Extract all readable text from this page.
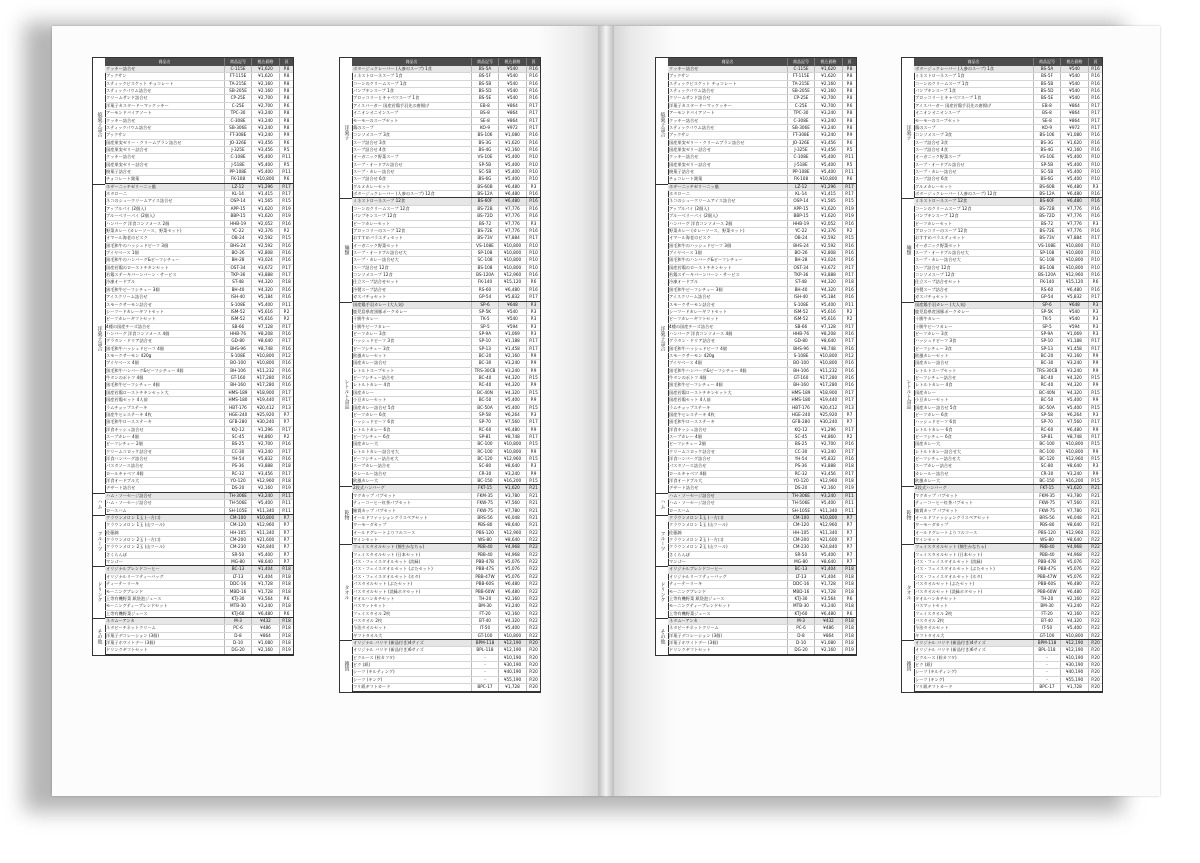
焼菓子詰合
洋菓子詰合
ハム
フルーツ
ドリンク
その他
商品名	商品記号	税込価格	頁
クッキー詰合せ	C-115E	¥1,620	P.8
ブックサン	FT-115E	¥1,620	P.8
スティックピスケット チョコレート	TA-215E	¥2,160	P.8
スティックパウム詰合せ	SB-205E	¥2,160	P.8
クリームサンド詰合せ	CP-25E	¥2,700	P.8
洋菓子カスタードーマックッキー	C-25E	¥2,700	P.6
アーモンドバイアソート	TPC-30	¥3,240	P.8
クッキー詰合せ	C-308E	¥3,240	P.8
スティックパウム詰合せ	SB-306E	¥3,240	P.8
ブックサン	FT-308E	¥3,240	P.9
国産果実ゼリー・クリームブラン詰合せ	JO-326E	¥3,456	P.6
国産果実ゼリー詰合せ	J-325E	¥3,456	P.5
クッキー詰合せ	C-108E	¥5,400	P.11
国産果実ゼリー詰合せ	J-518E	¥5,400	P.5
焼菓子詰合せ	PP-108E	¥5,400	P.11
チョコレート銘菓	FK-108	¥10,800	P.6
ホザーニッチゼリーニッ風	LZ-12	¥1,296	P.17
ホタローニ	KL-14	¥1,415	P.17
ネコのシュークリームアイス詰合せ	OSP-14	¥1,565	P.15
アップルパイ (2個入)	APP-15	¥1,620	P.19
ブルーベリーパイ (2個入)	BBP-15	¥1,620	P.19
ハンバーグ 洋食コンソメース 2個	HHB-19	¥2,052	P.16
野菜カレー (カレーソース、野菜セット)	YC-22	¥2,376	P.2
オマール海老のビスク	OB-24	¥2,592	P.15
黒毛和牛のハッシュドビーフ 3個	BHS-24	¥2,592	P.16
ブイヤベース 1個	BO-26	¥2,808	P.16
黒毛和牛のハンバーグ&ビーフシチュー	BH-28	¥3,024	P.16
国産若鶏のローストチキンセット	OST-34	¥3,672	P.17
若鶏ステーキバーンバーン・サービス	TKP-36	¥3,888	P.17
冷凍オードブル	ST-48	¥4,320	P.18
黒毛和牛ビーフシチュー 3個	BH-40	¥4,320	P.16
アイスクリーム詰合せ	ISH-40	¥5,184	P.16
スモークサーモン詰合せ	S-108E	¥5,400	P.11
シーフードカレーギフトセット	ISM-52	¥5,616	P.2
ビーフカレーギフトセット	ISM-52	¥5,616	P.2
4種の国産チーズ詰合せ	SB-66	¥7,128	P.17
ハンバーグ 洋食コンソメース 4個	HHB-76	¥8,208	P.16
グラタン・ドリア詰合せ	GD-80	¥8,640	P.17
黒毛和牛ハッシュドビーフ 4個	BHS-96	¥8,748	P.16
スモークサーモン 420g	S-108E	¥10,800	P.12
ブイヤベース 4個	BO-100	¥10,800	P.16
黒毛和牛ハンバーグ&ビーフシチュー 4個	BH-106	¥11,232	P.16
牛タンのポトフ 4個	GT-160	¥17,280	P.16
黒毛和牛ビーフシチュー 4個	BH-160	¥17,280	P.16
国産若鶏ローストチキンセット大	HMS-189	¥18,900	P.17
国産若鶏セット 4人前	HMS-180	¥19,440	P.17
ラムチョップステーキ	HBT-176	¥20,412	P.13
国産牛ヒレステーキ 4枚	HGE-240	¥25,920	P.7
黒毛和牛ロースステーキ	GFB-280	¥30,240	P.7
洋食キッシュ詰合せ	KQ-12	¥1,296	P.17
スープカレー 4個	SC-45	¥4,860	P.2
ビーフシチュー 2個	BS-25	¥2,700	P.16
クリームコロッケ詰合せ	CC-30	¥3,240	P.17
洋食ハンバーグ詰合せ	YH-54	¥5,832	P.16
パスタソース詰合せ	PS-36	¥3,888	P.18
ロールキャベツ 4個	RC-32	¥3,456	P.17
洋食オードブル大	YO-120	¥12,960	P.18
デザート詰合せ	DS-20	¥2,160	P.19
ハム・ソーセージ詰合せ	TH-306E	¥3,240	P.11
ハム・ソーセージ詰合せ	TH-506E	¥5,400	P.11
ロースハム	SH-105E	¥11,340	P.11
クラウンメロン 1玉 (一方口)	CM-100	¥10,800	P.7
クラウンメロン 1玉 (山ツール)	CM-120	¥12,960	P.7
佐藤錦	HH-105	¥11,340	P.7
クラウンメロン 2玉 (一方口)	CM-200	¥21,600	P.7
クラウンメロン 2玉 (山ツール)	CM-230	¥24,840	P.7
さくらんぼ	SR-50	¥5,400	P.7
マンゴー	MG-80	¥8,640	P.7
オリジナルブレンドコーヒー	BC-13	¥1,404	P.18
オリジナルリーフティーバッグ	LT-13	¥1,404	P.18
ティーテーリーキ	DDC-16	¥1,728	P.18
モーニングブレンド	MBD-16	¥1,728	P.18
上等有機野菜 紙袋泡ジュース	KTJ-30	¥3,564	P.6
モーニングティーブレンドセット	MTB-30	¥3,240	P.18
上等有機野菜ジュース	KTJ-60	¥6,480	P.6
ネタムーアンカ	M-3	¥432	P.18
ネタビーチネットクリーム	PC-6	¥486	P.18
洋菓子デコレーション (3個)	D-8	¥864	P.18
洋菓子ホワイトデー (3個)	D-10	¥1,080	P.18
ドリンクギフトセット	DG-20	¥2,160	P.19
洋菓子
麺類
レトルト食品
乾物
タオル
雑貨
商品名	商品記号	税込価格	頁
ボタージュクレーバー (人参のスープ) 1食	BS-5A	¥540	P.16
ミネストローネスープ 1食	BS-5F	¥540	P.16
コーンのクリームスープ 1食	BS-5B	¥540	P.16
パンプキンスープ 1食	BS-5D	¥540	P.16
ブロッコリーとキャベツスープ 1食	BS-5E	¥540	P.16
アイスバーガー 国産若鶏手羽先の唐揚げ	EB-8	¥864	P.17
オニオンオニオンスープ	BS-8	¥864	P.17
モーモーのスープセット	SE-8	¥864	P.17
鶏のスープ	KO-9	¥972	P.17
コンソメスープ 3食	BS-106	¥1,080	P.16
スープ詰合せ 3食	BS-3G	¥1,620	P.16
スープ詰合せ 4食	BS-4G	¥2,160	P.16
オーガニック野菜スープ	VS-10E	¥5,400	P.10
スープ・オードブル詰合せ	SP-5B	¥5,400	P.10
スープ・カレー詰合せ	SC-5B	¥5,400	P.10
スープ詰合せ 6食	BS-6G	¥5,400	P.10
グルメカレーセット	BS-60B	¥6,480	P.3
ボタージュクレーバー (人参のスープ) 12食	BS-12A	¥6,480	P.16
ミネストローネスープ 12食	BS-60F	¥6,480	P.16
コーンのクリームスープ 12食	BS-72B	¥7,776	P.16
パンプキンスープ 12食	BS-72D	¥7,776	P.16
ビーフカレーセット	BS-72	¥7,776	P.3
ブロッコリーのスープ 12食	BS-72E	¥7,776	P.16
おすすめバラエティセット	BS-73V	¥7,884	P.17
オーガニック野菜セット	VS-108E	¥10,800	P.10
スープ・オードブル詰合せ大	SP-108	¥10,800	P.10
スープ・カレー詰合せ大	SC-108	¥10,800	P.10
スープ詰合せ 12食	BS-108	¥10,800	P.10
コンソメスープ 12食	BS-120A	¥12,960	P.16
仕立スープ詰合せセット	FK-140	¥15,120	P.6
冷製スープ詰合せ	RS-60	¥6,480	P.16
ガスパチョセット	GP-54	¥5,832	P.17
国産鶏手羽カレー (大人気)	SP-6	¥648	P.3
鹿児島県産黒豚ポークカレー	SP-5K	¥540	P.3
十勝牛カレー	TK-5	¥540	P.3
十勝牛ビーフカレー	SP-5	¥594	P.3
ビーフカレー 3食	SP-9A	¥1,069	P.3
ハッシュドビーフ 3食	SP-10	¥1,188	P.17
ビーフシチュー 3食	SP-13	¥1,458	P.17
欧風カレーセット	BC-20	¥2,160	P.9
国産カレー詰合せ	BC-30	¥3,240	P.9
レトルトスープセット	TRS-30CB	¥3,240	P.9
ビーフシチュー詰合せ	BC-40	¥4,320	P.15
レトルトカレー 4食	RC-40	¥4,320	P.9
国産カレー	BC-40N	¥4,320	P.15
小豆カレーセット	BC-50	¥5,400	P.9
国産カレー詰合せ 5食	BC-50A	¥5,400	P.15
ビーフカレー 6食	SP-58	¥6,264	P.3
ハッシュドビーフ 6食	SP-70	¥7,560	P.17
レトルトカレー 6食	RC-60	¥6,480	P.9
ビーフシチュー 6食	SP-81	¥8,748	P.17
国産カレー大	BC-100	¥10,800	P.15
レトルトカレー詰合せ大	RC-100	¥10,800	P.9
ビーフシチュー詰合せ大	BC-120	¥12,960	P.15
スープカレー詰合せ	SC-80	¥8,640	P.3
カレールー詰合せ	CR-30	¥3,240	P.9
欧風カレー大	BC-150	¥16,200	P.15
2段式ハンバーグ	FKT-15	¥1,620	P.21
マグカップ パブセット	FKM-35	¥3,780	P.21
ティーコーヒー紅茶パブセット	FKW-75	¥7,560	P.21
雑貨カップ パブセット	FKW-75	¥7,780	P.21
オールドファッショングラスペアセット	BRS-56	¥6,048	P.21
ワーモーダカップ	PBS-80	¥8,640	P.21
オールドグレートよりフルコース	PBS-120	¥12,960	P.22
ワインセット	WS-80	¥8,640	P.22
フェイスタオルセット (綿生かなちゃ)	PBB-40	¥4,968	P.22
フェイスタオルセット (日本セット)	PBB-40	¥4,968	P.22
パス・フェイスタオルセット (淡緑)	PBB-47B	¥5,076	P.22
パス・フェイスタオルセット (ぶたセット)	PBB-47S	¥5,076	P.22
パス・フェイスタオルセット (ホタ)	PBB-47W	¥5,076	P.22
パスタオルセット (ぶたセット)	PBB-60S	¥6,480	P.22
パスタオルセット (淡緑ホタセット)	PBB-60W	¥6,480	P.22
タオルハンカチセット	TH-20	¥2,160	P.22
バスマットセット	BM-30	¥3,240	P.22
フェイスタオル 2枚	FT-20	¥2,160	P.22
バスタオル 2枚	BT-40	¥4,320	P.22
今治タオルセット	IT-50	¥5,400	P.22
ギフトタオル大	GT-100	¥10,800	P.22
オリジナル バリヤ (新品付き)4サイズ	BPM-118	¥12,190	P.20
オリジナル バリヤ (新品付き)6サイズ	BPL-118	¥12,190	P.20
ピクルース (粒カフタ)	-	¥10,190	P.20
ビク (紙)	-	¥30,190	P.20
シーツ (キルティング)	-	¥40,190	P.20
シーツ (キング)	-	¥55,190	P.20
フリ紙ギフトカード	BPC-17	¥1,728	P.20
焼菓子詰合
洋菓子詰合
ハム
フルーツ
ドリンク
その他
商品名	商品記号	税込価格	頁
クッキー詰合せ	C-115E	¥1,620	P.8
ブックサン	FT-115E	¥1,620	P.8
スティックピスケット チョコレート	TA-215E	¥2,160	P.8
スティックパウム詰合せ	SB-205E	¥2,160	P.8
クリームサンド詰合せ	CP-25E	¥2,700	P.8
洋菓子カスタードーマックッキー	C-25E	¥2,700	P.6
アーモンドバイアソート	TPC-30	¥3,240	P.8
クッキー詰合せ	C-308E	¥3,240	P.8
スティックパウム詰合せ	SB-306E	¥3,240	P.8
ブックサン	FT-308E	¥3,240	P.9
国産果実ゼリー・クリームブラン詰合せ	JO-326E	¥3,456	P.6
国産果実ゼリー詰合せ	J-325E	¥3,456	P.5
クッキー詰合せ	C-108E	¥5,400	P.11
国産果実ゼリー詰合せ	J-518E	¥5,400	P.5
焼菓子詰合せ	PP-108E	¥5,400	P.11
チョコレート銘菓	FK-108	¥10,800	P.6
ホザーニッチゼリーニッ風	LZ-12	¥1,296	P.17
ホタローニ	KL-14	¥1,415	P.17
ネコのシュークリームアイス詰合せ	OSP-14	¥1,565	P.15
アップルパイ (2個入)	APP-15	¥1,620	P.19
ブルーベリーパイ (2個入)	BBP-15	¥1,620	P.19
ハンバーグ 洋食コンソメース 2個	HHB-19	¥2,052	P.16
野菜カレー (カレーソース、野菜セット)	YC-22	¥2,376	P.2
オマール海老のビスク	OB-24	¥2,592	P.15
黒毛和牛のハッシュドビーフ 3個	BHS-24	¥2,592	P.16
ブイヤベース 1個	BO-26	¥2,808	P.16
黒毛和牛のハンバーグ&ビーフシチュー	BH-28	¥3,024	P.16
国産若鶏のローストチキンセット	OST-34	¥3,672	P.17
若鶏ステーキバーンバーン・サービス	TKP-36	¥3,888	P.17
冷凍オードブル	ST-48	¥4,320	P.18
黒毛和牛ビーフシチュー 3個	BH-40	¥4,320	P.16
アイスクリーム詰合せ	ISH-40	¥5,184	P.16
スモークサーモン詰合せ	S-108E	¥5,400	P.11
シーフードカレーギフトセット	ISM-52	¥5,616	P.2
ビーフカレーギフトセット	ISM-52	¥5,616	P.2
4種の国産チーズ詰合せ	SB-66	¥7,128	P.17
ハンバーグ 洋食コンソメース 4個	HHB-76	¥8,208	P.16
グラタン・ドリア詰合せ	GD-80	¥8,640	P.17
黒毛和牛ハッシュドビーフ 4個	BHS-96	¥8,748	P.16
スモークサーモン 420g	S-108E	¥10,800	P.12
ブイヤベース 4個	BO-100	¥10,800	P.16
黒毛和牛ハンバーグ&ビーフシチュー 4個	BH-106	¥11,232	P.16
牛タンのポトフ 4個	GT-160	¥17,280	P.16
黒毛和牛ビーフシチュー 4個	BH-160	¥17,280	P.16
国産若鶏ローストチキンセット大	HMS-189	¥18,900	P.17
国産若鶏セット 4人前	HMS-180	¥19,440	P.17
ラムチョップステーキ	HBT-176	¥20,412	P.13
国産牛ヒレステーキ 4枚	HGE-240	¥25,920	P.7
黒毛和牛ロースステーキ	GFB-280	¥30,240	P.7
洋食キッシュ詰合せ	KQ-12	¥1,296	P.17
スープカレー 4個	SC-45	¥4,860	P.2
ビーフシチュー 2個	BS-25	¥2,700	P.16
クリームコロッケ詰合せ	CC-30	¥3,240	P.17
洋食ハンバーグ詰合せ	YH-54	¥5,832	P.16
パスタソース詰合せ	PS-36	¥3,888	P.18
ロールキャベツ 4個	RC-32	¥3,456	P.17
洋食オードブル大	YO-120	¥12,960	P.18
デザート詰合せ	DS-20	¥2,160	P.19
ハム・ソーセージ詰合せ	TH-306E	¥3,240	P.11
ハム・ソーセージ詰合せ	TH-506E	¥5,400	P.11
ロースハム	SH-105E	¥11,340	P.11
クラウンメロン 1玉 (一方口)	CM-100	¥10,800	P.7
クラウンメロン 1玉 (山ツール)	CM-120	¥12,960	P.7
佐藤錦	HH-105	¥11,340	P.7
クラウンメロン 2玉 (一方口)	CM-200	¥21,600	P.7
クラウンメロン 2玉 (山ツール)	CM-230	¥24,840	P.7
さくらんぼ	SR-50	¥5,400	P.7
マンゴー	MG-80	¥8,640	P.7
オリジナルブレンドコーヒー	BC-13	¥1,404	P.18
オリジナルリーフティーバッグ	LT-13	¥1,404	P.18
ティーテーリーキ	DDC-16	¥1,728	P.18
モーニングブレンド	MBD-16	¥1,728	P.18
上等有機野菜 紙袋泡ジュース	KTJ-30	¥3,564	P.6
モーニングティーブレンドセット	MTB-30	¥3,240	P.18
上等有機野菜ジュース	KTJ-60	¥6,480	P.6
ネタムーアンカ	M-3	¥432	P.18
ネタビーチネットクリーム	PC-6	¥486	P.18
洋菓子デコレーション (3個)	D-8	¥864	P.18
洋菓子ホワイトデー (3個)	D-10	¥1,080	P.18
ドリンクギフトセット	DG-20	¥2,160	P.19
洋菓子
麺類
レトルト食品
乾物
タオル
雑貨
商品名	商品記号	税込価格	頁
ボタージュクレーバー (人参のスープ) 1食	BS-5A	¥540	P.16
ミネストローネスープ 1食	BS-5F	¥540	P.16
コーンのクリームスープ 1食	BS-5B	¥540	P.16
パンプキンスープ 1食	BS-5D	¥540	P.16
ブロッコリーとキャベツスープ 1食	BS-5E	¥540	P.16
アイスバーガー 国産若鶏手羽先の唐揚げ	EB-8	¥864	P.17
オニオンオニオンスープ	BS-8	¥864	P.17
モーモーのスープセット	SE-8	¥864	P.17
鶏のスープ	KO-9	¥972	P.17
コンソメスープ 3食	BS-106	¥1,080	P.16
スープ詰合せ 3食	BS-3G	¥1,620	P.16
スープ詰合せ 4食	BS-4G	¥2,160	P.16
オーガニック野菜スープ	VS-10E	¥5,400	P.10
スープ・オードブル詰合せ	SP-5B	¥5,400	P.10
スープ・カレー詰合せ	SC-5B	¥5,400	P.10
スープ詰合せ 6食	BS-6G	¥5,400	P.10
グルメカレーセット	BS-60B	¥6,480	P.3
ボタージュクレーバー (人参のスープ) 12食	BS-12A	¥6,480	P.16
ミネストローネスープ 12食	BS-60F	¥6,480	P.16
コーンのクリームスープ 12食	BS-72B	¥7,776	P.16
パンプキンスープ 12食	BS-72D	¥7,776	P.16
ビーフカレーセット	BS-72	¥7,776	P.3
ブロッコリーのスープ 12食	BS-72E	¥7,776	P.16
おすすめバラエティセット	BS-73V	¥7,884	P.17
オーガニック野菜セット	VS-108E	¥10,800	P.10
スープ・オードブル詰合せ大	SP-108	¥10,800	P.10
スープ・カレー詰合せ大	SC-108	¥10,800	P.10
スープ詰合せ 12食	BS-108	¥10,800	P.10
コンソメスープ 12食	BS-120A	¥12,960	P.16
仕立スープ詰合せセット	FK-140	¥15,120	P.6
冷製スープ詰合せ	RS-60	¥6,480	P.16
ガスパチョセット	GP-54	¥5,832	P.17
国産鶏手羽カレー (大人気)	SP-6	¥648	P.3
鹿児島県産黒豚ポークカレー	SP-5K	¥540	P.3
十勝牛カレー	TK-5	¥540	P.3
十勝牛ビーフカレー	SP-5	¥594	P.3
ビーフカレー 3食	SP-9A	¥1,069	P.3
ハッシュドビーフ 3食	SP-10	¥1,188	P.17
ビーフシチュー 3食	SP-13	¥1,458	P.17
欧風カレーセット	BC-20	¥2,160	P.9
国産カレー詰合せ	BC-30	¥3,240	P.9
レトルトスープセット	TRS-30CB	¥3,240	P.9
ビーフシチュー詰合せ	BC-40	¥4,320	P.15
レトルトカレー 4食	RC-40	¥4,320	P.9
国産カレー	BC-40N	¥4,320	P.15
小豆カレーセット	BC-50	¥5,400	P.9
国産カレー詰合せ 5食	BC-50A	¥5,400	P.15
ビーフカレー 6食	SP-58	¥6,264	P.3
ハッシュドビーフ 6食	SP-70	¥7,560	P.17
レトルトカレー 6食	RC-60	¥6,480	P.9
ビーフシチュー 6食	SP-81	¥8,748	P.17
国産カレー大	BC-100	¥10,800	P.15
レトルトカレー詰合せ大	RC-100	¥10,800	P.9
ビーフシチュー詰合せ大	BC-120	¥12,960	P.15
スープカレー詰合せ	SC-80	¥8,640	P.3
カレールー詰合せ	CR-30	¥3,240	P.9
欧風カレー大	BC-150	¥16,200	P.15
2段式ハンバーグ	FKT-15	¥1,620	P.21
マグカップ パブセット	FKM-35	¥3,780	P.21
ティーコーヒー紅茶パブセット	FKW-75	¥7,560	P.21
雑貨カップ パブセット	FKW-75	¥7,780	P.21
オールドファッショングラスペアセット	BRS-56	¥6,048	P.21
ワーモーダカップ	PBS-80	¥8,640	P.21
オールドグレートよりフルコース	PBS-120	¥12,960	P.22
ワインセット	WS-80	¥8,640	P.22
フェイスタオルセット (綿生かなちゃ)	PBB-40	¥4,968	P.22
フェイスタオルセット (日本セット)	PBB-40	¥4,968	P.22
パス・フェイスタオルセット (淡緑)	PBB-47B	¥5,076	P.22
パス・フェイスタオルセット (ぶたセット)	PBB-47S	¥5,076	P.22
パス・フェイスタオルセット (ホタ)	PBB-47W	¥5,076	P.22
パスタオルセット (ぶたセット)	PBB-60S	¥6,480	P.22
パスタオルセット (淡緑ホタセット)	PBB-60W	¥6,480	P.22
タオルハンカチセット	TH-20	¥2,160	P.22
バスマットセット	BM-30	¥3,240	P.22
フェイスタオル 2枚	FT-20	¥2,160	P.22
バスタオル 2枚	BT-40	¥4,320	P.22
今治タオルセット	IT-50	¥5,400	P.22
ギフトタオル大	GT-100	¥10,800	P.22
オリジナル バリヤ (新品付き)4サイズ	BPM-118	¥12,190	P.20
オリジナル バリヤ (新品付き)6サイズ	BPL-118	¥12,190	P.20
ピクルース (粒カフタ)	-	¥10,190	P.20
ビク (紙)	-	¥30,190	P.20
シーツ (キルティング)	-	¥40,190	P.20
シーツ (キング)	-	¥55,190	P.20
フリ紙ギフトカード	BPC-17	¥1,728	P.20
